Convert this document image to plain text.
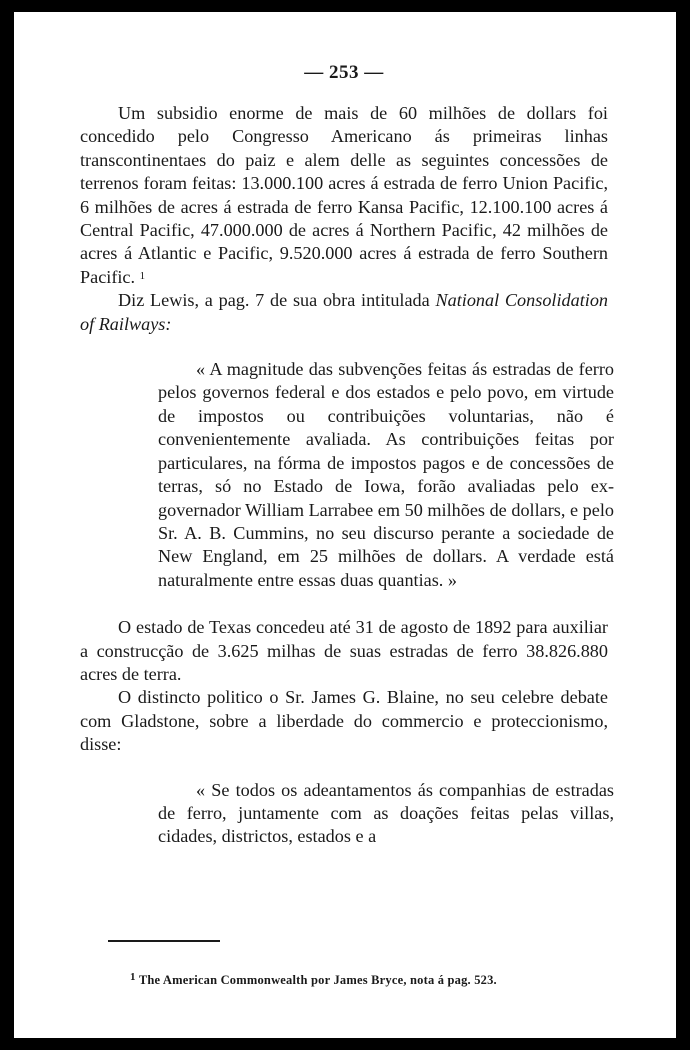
— 253 —

Um subsidio enorme de mais de 60 milhões de dollars foi concedido pelo Congresso Americano ás primeiras linhas transcontinentaes do paiz e alem delle as seguintes concessões de terrenos foram feitas: 13.000.100 acres á estrada de ferro Union Pacific, 6 milhões de acres á estrada de ferro Kansa Pacific, 12.100.100 acres á Central Pacific, 47.000.000 de acres á Northern Pacific, 42 milhões de acres á Atlantic e Pacific, 9.520.000 acres á estrada de ferro Southern Pacific. $^1$

Diz Lewis, a pag. 7 de sua obra intitulada National Consolidation of Railways:

« A magnitude das subvenções feitas ás estradas de ferro pelos governos federal e dos estados e pelo povo, em virtude de impostos ou contribuições voluntarias, não é convenientemente avaliada. As contribuições feitas por particulares, na fórma de impostos pagos e de concessões de terras, só no Estado de Iowa, forão avaliadas pelo ex-governador William Larrabee em 50 milhões de dollars, e pelo Sr. A. B. Cummins, no seu discurso perante a sociedade de New England, em 25 milhões de dollars. A verdade está naturalmente entre essas duas quantias. »

O estado de Texas concedeu até 31 de agosto de 1892 para auxiliar a construcção de 3.625 milhas de suas estradas de ferro 38.826.880 acres de terra.

O distincto politico o Sr. James G. Blaine, no seu celebre debate com Gladstone, sobre a liberdade do commercio e proteccionismo, disse:

« Se todos os adeantamentos ás companhias de estradas de ferro, juntamente com as doações feitas pelas villas, cidades, districtos, estados e a

$^1$ The American Commonwealth por James Bryce, nota á pag. 523.
